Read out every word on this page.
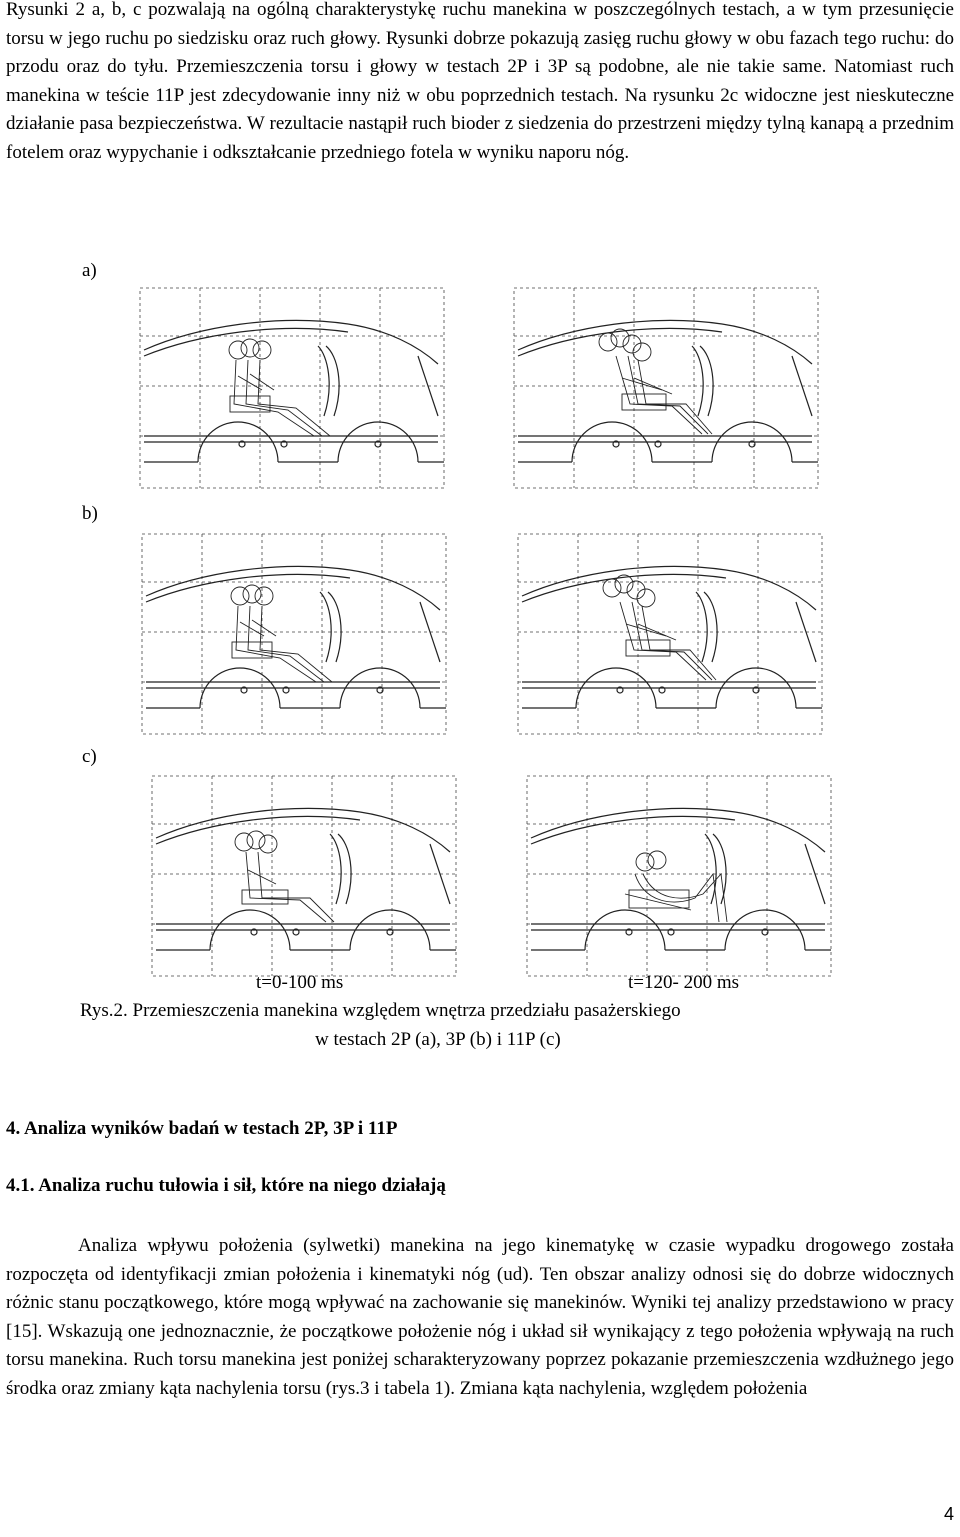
Rysunki 2 a, b, c pozwalają na ogólną charakterystykę ruchu manekina w poszczególnych testach, a w tym przesunięcie torsu w jego ruchu po siedzisku oraz ruch głowy. Rysunki dobrze pokazują zasięg ruchu głowy w obu fazach tego ruchu: do przodu oraz do tyłu. Przemieszczenia torsu i głowy w testach 2P i 3P są podobne, ale nie takie same. Natomiast ruch manekina w teście 11P jest zdecydowanie inny niż w obu poprzednich testach. Na rysunku 2c widoczne jest nieskuteczne działanie pasa bezpieczeństwa. W rezultacie nastąpił ruch bioder z siedzenia do przestrzeni między tylną kanapą a przednim fotelem oraz wypychanie i odkształcanie przedniego fotela w wyniku naporu nóg.

a)
b)
c)
t=0-100 ms	t=120- 200 ms
Rys.2. Przemieszczenia manekina względem wnętrza przedziału pasażerskiego
w testach 2P (a), 3P (b) i 11P (c)
4. Analiza wyników badań w testach 2P, 3P i 11P
4.1. Analiza ruchu tułowia i sił, które na niego działają

Analiza wpływu położenia (sylwetki) manekina na jego kinematykę w czasie wypadku drogowego została rozpoczęta od identyfikacji zmian położenia i kinematyki nóg (ud). Ten obszar analizy odnosi się do dobrze widocznych różnic stanu początkowego, które mogą wpływać na zachowanie się manekinów. Wyniki tej analizy przedstawiono w pracy [15]. Wskazują one jednoznacznie, że początkowe położenie nóg i układ sił wynikający z tego położenia wpływają na ruch torsu manekina. Ruch torsu manekina jest poniżej scharakteryzowany poprzez pokazanie przemieszczenia wzdłużnego jego środka oraz zmiany kąta nachylenia torsu (rys.3 i tabela 1). Zmiana kąta nachylenia, względem położenia

4
